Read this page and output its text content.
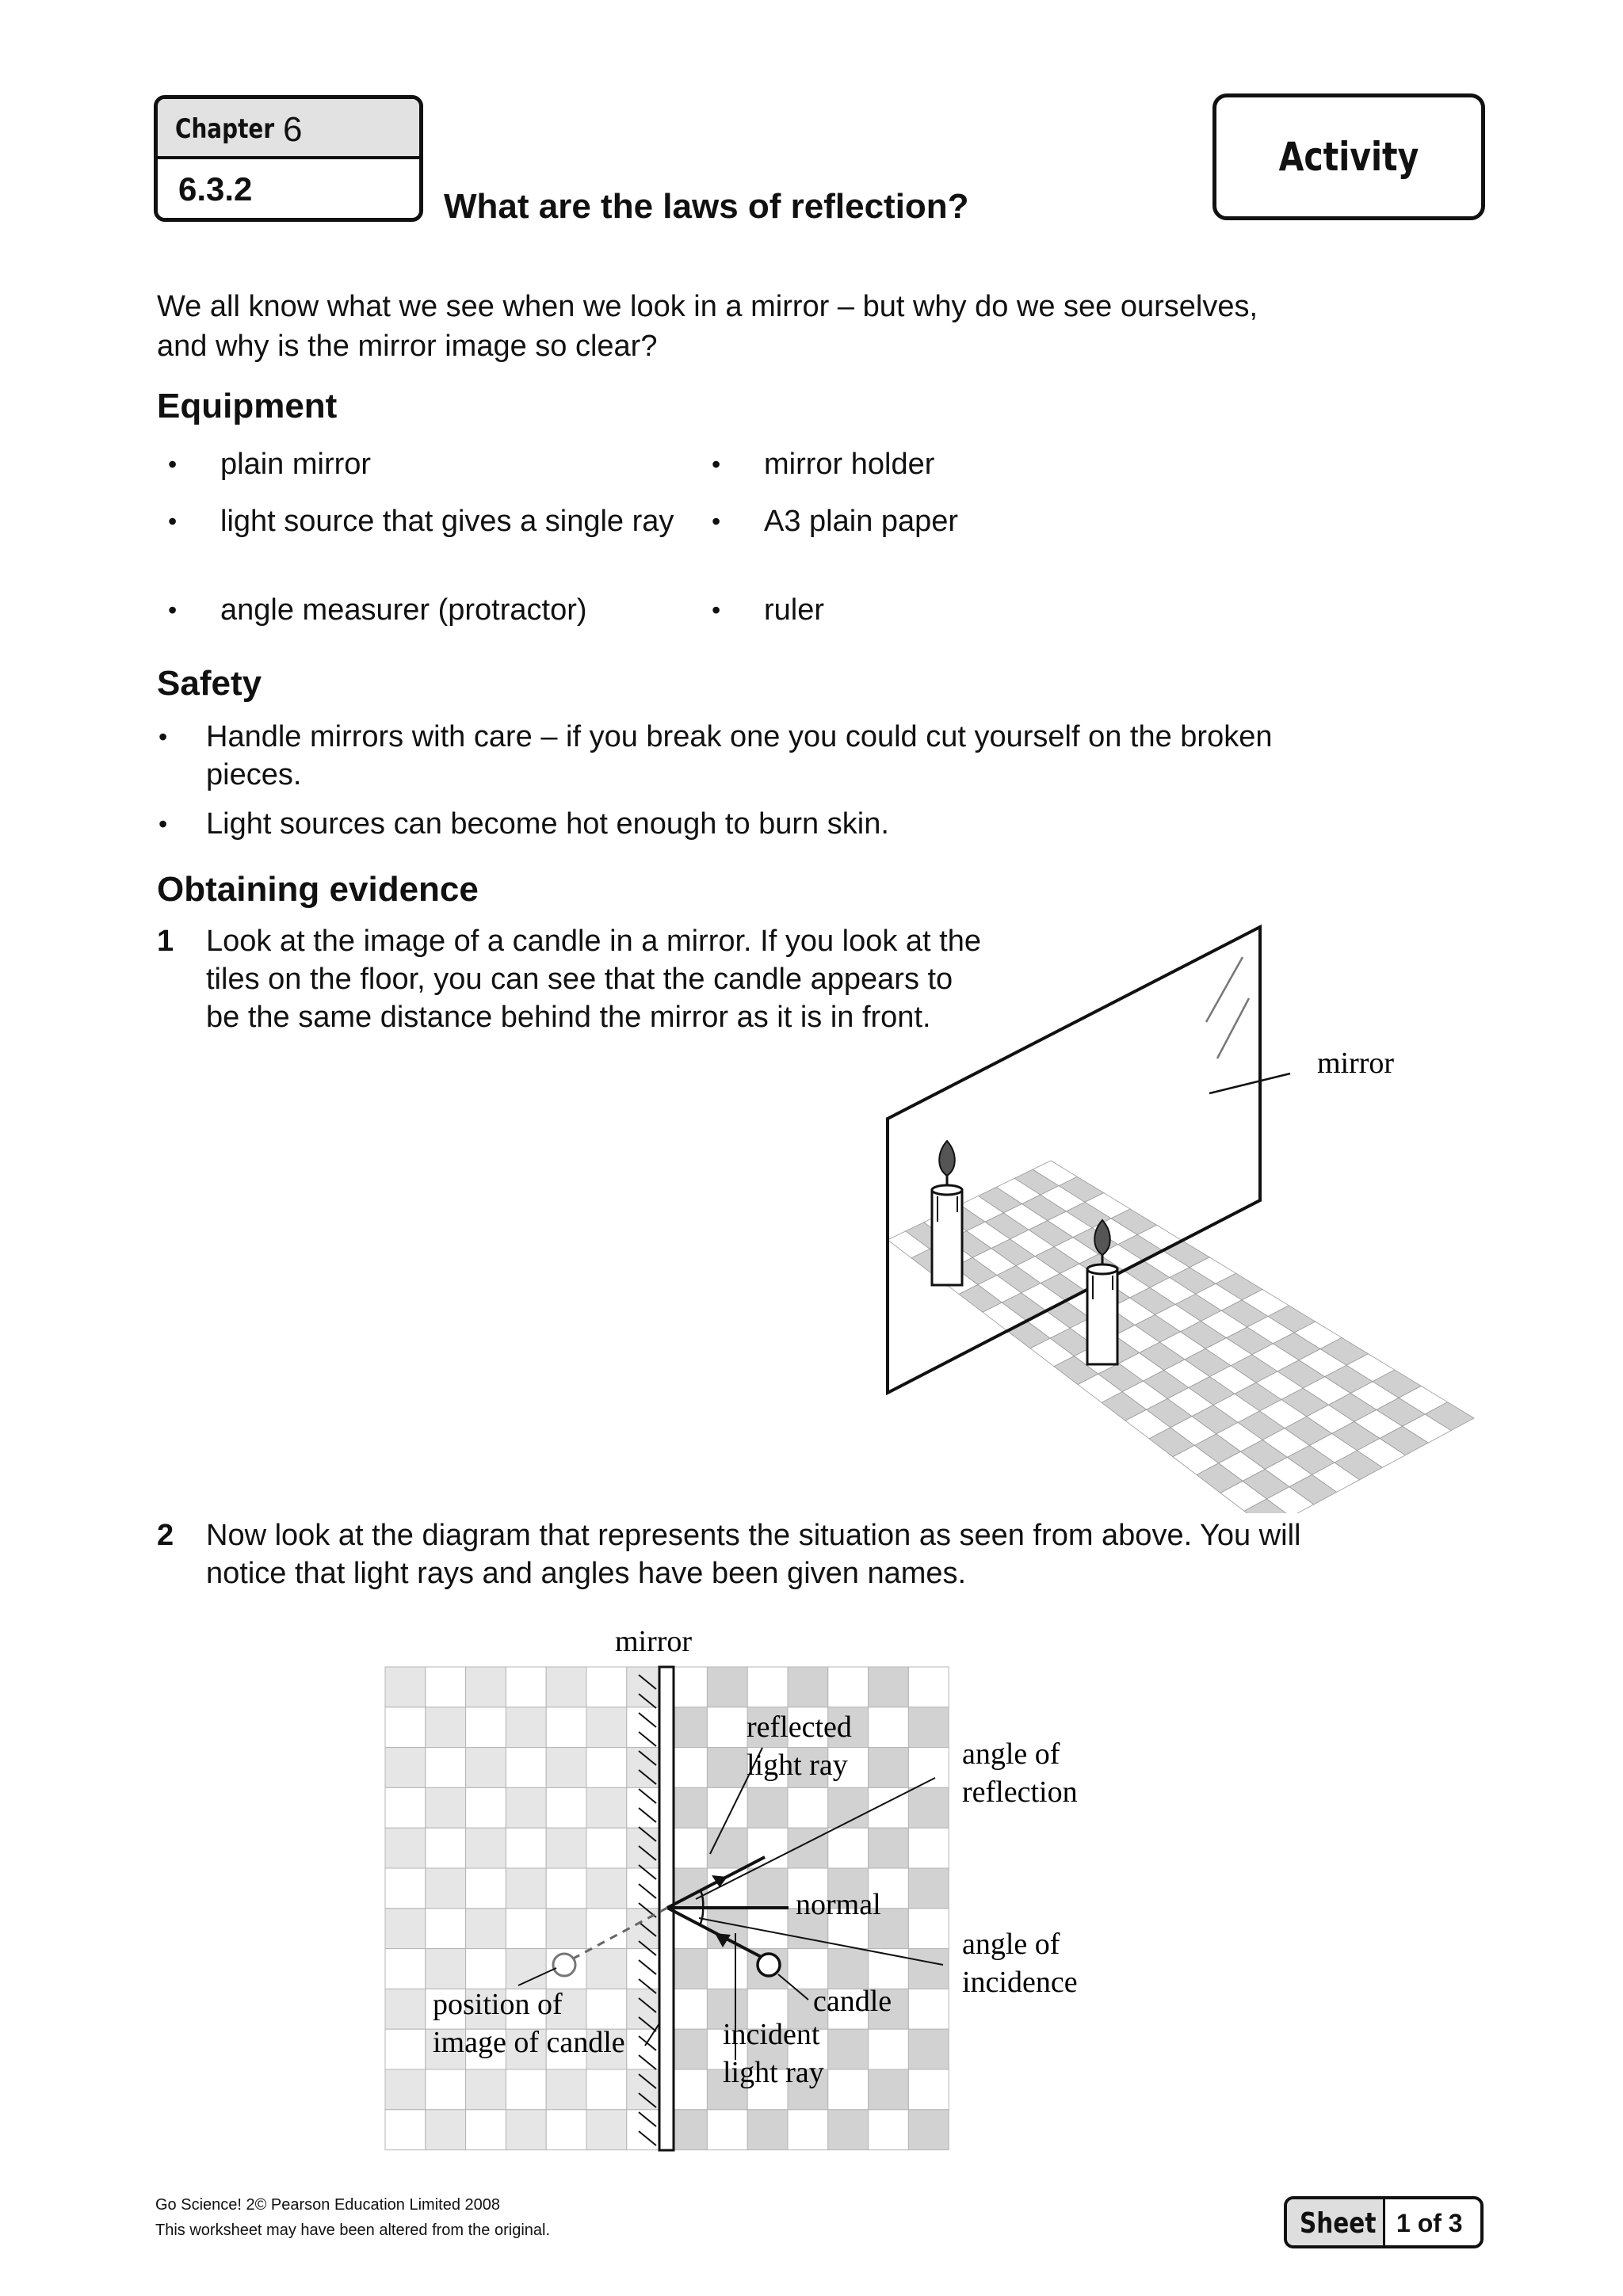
Chapter 6
6.3.2	What are the laws of reflection?
Activity
We all know what we see when we look in a mirror – but why do we see ourselves, and why is the mirror image so clear?
Equipment
• plain mirror	• mirror holder
• light source that gives a single ray	• A3 plain paper
• angle measurer (protractor)	• ruler
Safety
• Handle mirrors with care – if you break one you could cut yourself on the broken pieces.
• Light sources can become hot enough to burn skin.
Obtaining evidence
1 Look at the image of a candle in a mirror. If you look at the tiles on the floor, you can see that the candle appears to be the same distance behind the mirror as it is in front.
mirror
2 Now look at the diagram that represents the situation as seen from above. You will notice that light rays and angles have been given names.
mirror
reflected
light ray	angle of
reflection
normal
angle of
incidence
candle
position of
image of candle	incident
light ray
Go Science! 2© Pearson Education Limited 2008
This worksheet may have been altered from the original.	Sheet 1 of 3
